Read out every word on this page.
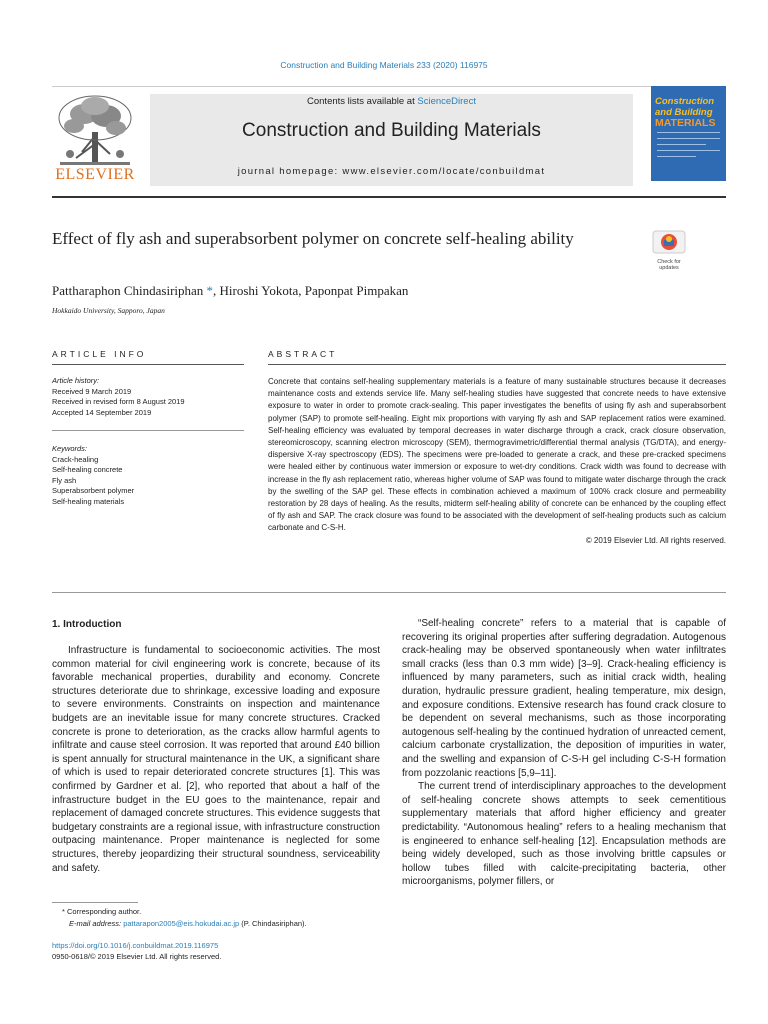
Construction and Building Materials 233 (2020) 116975
ELSEVIER
Contents lists available at ScienceDirect
Construction and Building Materials
journal homepage: www.elsevier.com/locate/conbuildmat
Construction
and Building
MATERIALS
Effect of fly ash and superabsorbent polymer on concrete self-healing ability
Check for updates
Pattharaphon Chindasiriphan *, Hiroshi Yokota, Paponpat Pimpakan
Hokkaido University, Sapporo, Japan
ARTICLE INFO
Article history:
Received 9 March 2019
Received in revised form 8 August 2019
Accepted 14 September 2019
Keywords:
Crack-healing
Self-healing concrete
Fly ash
Superabsorbent polymer
Self-healing materials
ABSTRACT
Concrete that contains self-healing supplementary materials is a feature of many sustainable structures because it decreases maintenance costs and extends service life. Many self-healing studies have suggested that concrete needs to have extensive exposure to water in order to promote crack-sealing. This paper investigates the benefits of using fly ash and superabsorbent polymer (SAP) to promote self-healing. Eight mix proportions with varying fly ash and SAP replacement ratios were examined. Self-healing efficiency was evaluated by temporal decreases in water discharge through a crack, crack closure observation, stereomicroscopy, scanning electron microscopy (SEM), thermogravimetric/differential thermal analysis (TG/DTA), and energy-dispersive X-ray spectroscopy (EDS). The specimens were pre-loaded to generate a crack, and these pre-cracked specimens were healed either by continuous water immersion or exposure to wet-dry conditions. Crack width was found to decrease with increase in the fly ash replacement ratio, whereas higher volume of SAP was found to mitigate water discharge through the crack by the swelling of the SAP gel. These effects in combination achieved a maximum of 100% crack closure and permeability restoration by 28 days of healing. As the results, midterm self-healing ability of concrete can be enhanced by the coupling effect of fly ash and SAP. The crack closure was found to be associated with the development of self-healing products such as calcium carbonate and C-S-H.
© 2019 Elsevier Ltd. All rights reserved.
1. Introduction

Infrastructure is fundamental to socioeconomic activities. The most common material for civil engineering work is concrete, because of its favorable mechanical properties, durability and economy. Concrete structures deteriorate due to shrinkage, excessive loading and exposure to severe environments. Constraints on inspection and maintenance budgets are an inevitable issue for many concrete structures. Cracked concrete is prone to deterioration, as the cracks allow harmful agents to infiltrate and cause steel corrosion. It was reported that around £40 billion is spent annually for structural maintenance in the UK, a significant share of which is used to repair deteriorated concrete structures [1]. This was confirmed by Gardner et al. [2], who reported that about a half of the infrastructure budget in the EU goes to the maintenance, repair and replacement of damaged concrete structures. This evidence suggests that budgetary constraints are a regional issue, with infrastructure construction outpacing maintenance. Proper maintenance is neglected for some structures, thereby jeopardizing their structural soundness, serviceability and safety.

“Self-healing concrete” refers to a material that is capable of recovering its original properties after suffering degradation. Autogenous crack-healing may be observed spontaneously when water infiltrates small cracks (less than 0.3 mm wide) [3–9]. Crack-healing efficiency is influenced by many parameters, such as initial crack width, healing duration, hydraulic pressure gradient, healing temperature, mix design, and exposure conditions. Extensive research has found crack closure to be dependent on several mechanisms, such as those incorporating autogenous self-healing by the continued hydration of unreacted cement, calcium carbonate crystallization, the deposition of impurities in water, and the swelling and expansion of C-S-H gel including C-S-H formation from pozzolanic reactions [5,9–11].

The current trend of interdisciplinary approaches to the development of self-healing concrete shows attempts to seek cementitious supplementary materials that afford higher efficiency and greater predictability. “Autonomous healing” refers to a healing mechanism that is engineered to enhance self-healing [12]. Encapsulation methods are being widely developed, such as those involving brittle capsules or hollow tubes filled with calcite-precipitating bacteria, other microorganisms, polymer fillers, or

* Corresponding author.
E-mail address: pattarapon2005@eis.hokudai.ac.jp (P. Chindasiriphan).
https://doi.org/10.1016/j.conbuildmat.2019.116975
0950-0618/© 2019 Elsevier Ltd. All rights reserved.
